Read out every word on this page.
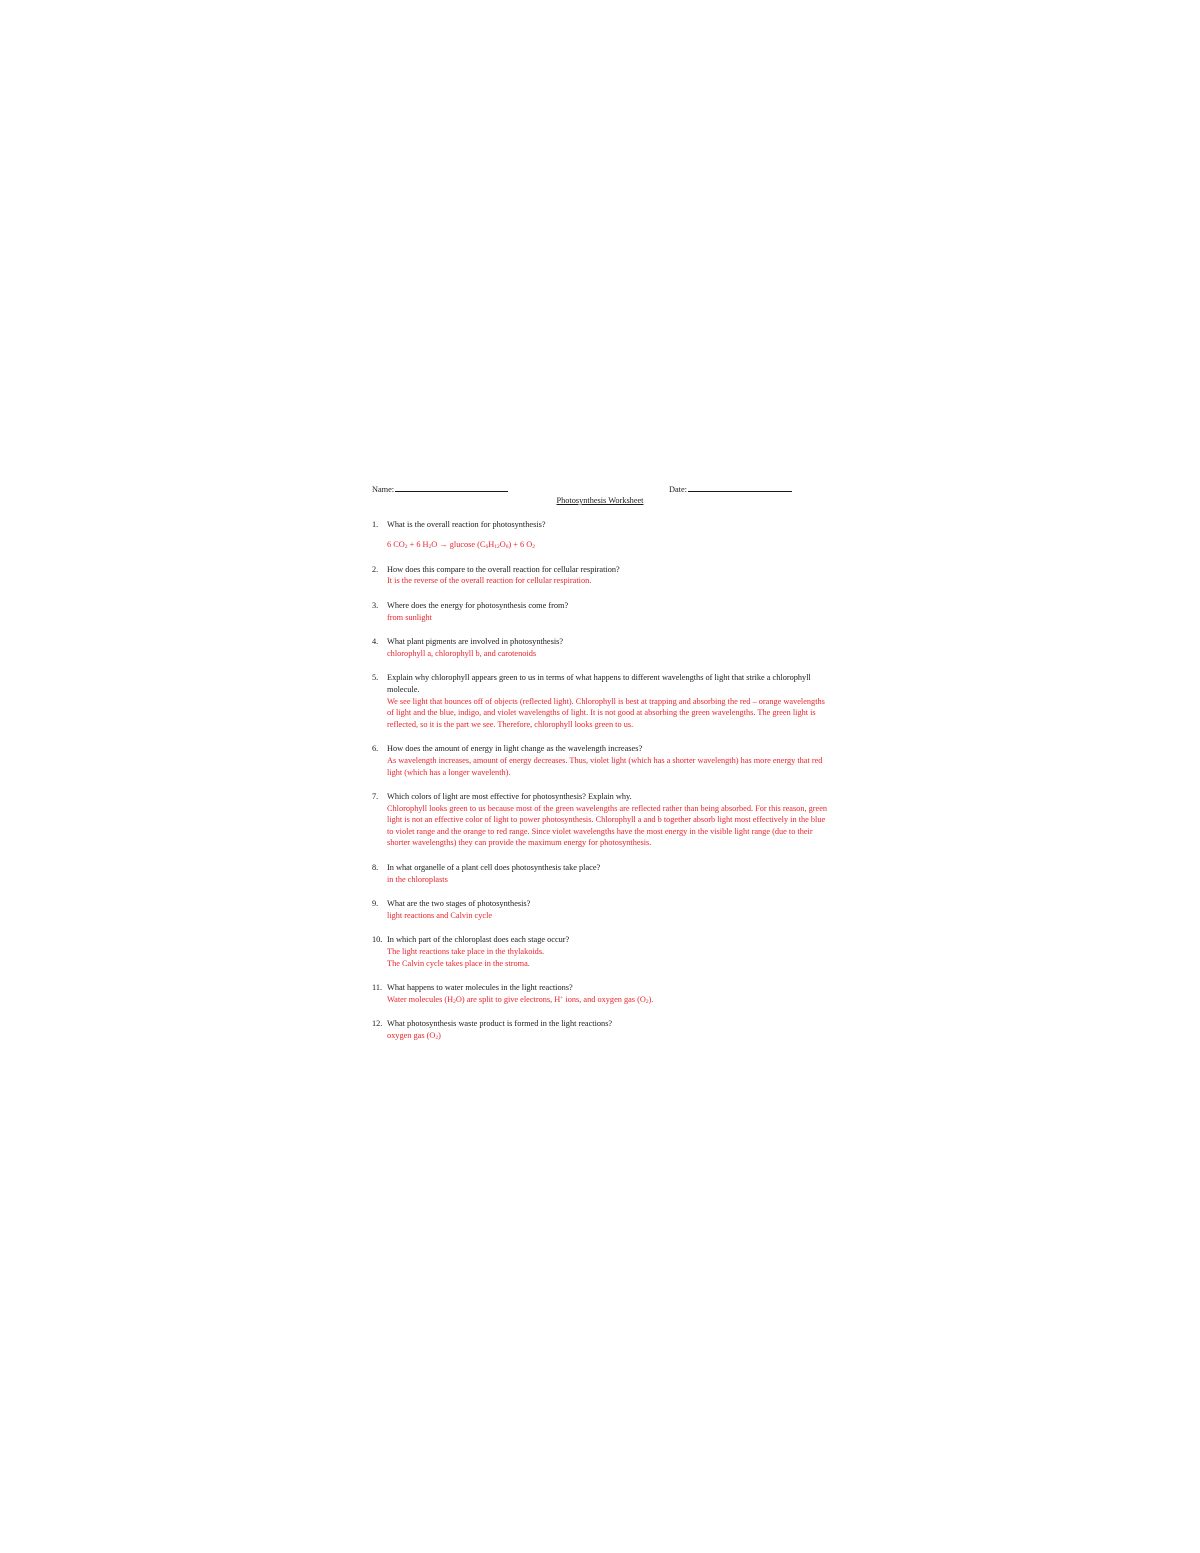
Name:	Date:
Photosynthesis Worksheet
1.	What is the overall reaction for photosynthesis?
6 CO2 + 6 H2O → glucose (C6H12O6) + 6 O2
2.	How does this compare to the overall reaction for cellular respiration?
It is the reverse of the overall reaction for cellular respiration.
3.	Where does the energy for photosynthesis come from?
from sunlight
4.	What plant pigments are involved in photosynthesis?
chlorophyll a, chlorophyll b, and carotenoids
5.	Explain why chlorophyll appears green to us in terms of what happens to different wavelengths of light that strike a chlorophyll molecule.
We see light that bounces off of objects (reflected light). Chlorophyll is best at trapping and absorbing the red – orange wavelengths of light and the blue, indigo, and violet wavelengths of light. It is not good at absorbing the green wavelengths. The green light is reflected, so it is the part we see. Therefore, chlorophyll looks green to us.
6.	How does the amount of energy in light change as the wavelength increases?
As wavelength increases, amount of energy decreases. Thus, violet light (which has a shorter wavelength) has more energy that red light (which has a longer wavelenth).
7.	Which colors of light are most effective for photosynthesis? Explain why.
Chlorophyll looks green to us because most of the green wavelengths are reflected rather than being absorbed. For this reason, green light is not an effective color of light to power photosynthesis. Chlorophyll a and b together absorb light most effectively in the blue to violet range and the orange to red range. Since violet wavelengths have the most energy in the visible light range (due to their shorter wavelengths) they can provide the maximum energy for photosynthesis.
8.	In what organelle of a plant cell does photosynthesis take place?
in the chloroplasts
9.	What are the two stages of photosynthesis?
light reactions and Calvin cycle
10. In which part of the chloroplast does each stage occur?
The light reactions take place in the thylakoids.
The Calvin cycle takes place in the stroma.
11. What happens to water molecules in the light reactions?
Water molecules (H2O) are split to give electrons, H+ ions, and oxygen gas (O2).
12. What photosynthesis waste product is formed in the light reactions?
oxygen gas (O2)
